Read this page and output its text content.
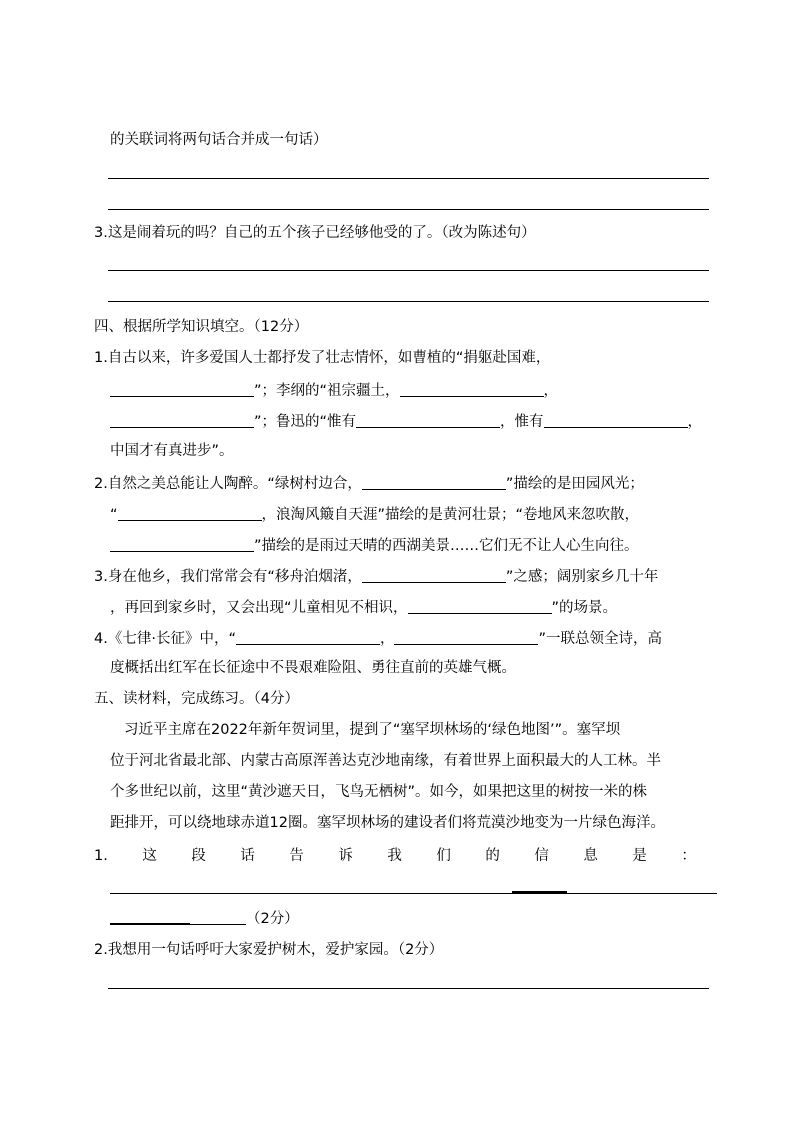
的关联词将两句话合并成一句话）
3.这是闹着玩的吗？自己的五个孩子已经够他受的了。（改为陈述句）
四、根据所学知识填空。（12分）
1.自古以来，许多爱国人士都抒发了壮志情怀，如曹植的“捐躯赴国难，
”；李纲的“祖宗疆土，	，
”；鲁迅的“惟有	，惟有	，
中国才有真进步”。
2.自然之美总能让人陶醉。“绿树村边合，	”描绘的是田园风光；
“	，浪淘风簸自天涯”描绘的是黄河壮景；“卷地风来忽吹散，
”描绘的是雨过天晴的西湖美景……它们无不让人心生向往。
3.身在他乡，我们常常会有“移舟泊烟渚，	”之感；阔别家乡几十年
，再回到家乡时，又会出现“儿童相见不相识，	”的场景。
4.《七律·长征》中，“	，	”一联总领全诗，高
度概括出红军在长征途中不畏艰难险阻、勇往直前的英雄气概。
五、读材料，完成练习。（4分）
习近平主席在2022年新年贺词里，提到了“塞罕坝林场的‘绿色地图’”。塞罕坝
位于河北省最北部、内蒙古高原浑善达克沙地南缘，有着世界上面积最大的人工林。半
个多世纪以前，这里“黄沙遮天日，飞鸟无栖树”。如今，如果把这里的树按一米的株
距排开，可以绕地球赤道12圈。塞罕坝林场的建设者们将荒漠沙地变为一片绿色海洋。
1. 这 段 话 告 诉 我 们 的 信 息 是 ：
（2分）
2.我想用一句话呼吁大家爱护树木，爱护家园。（2分）
